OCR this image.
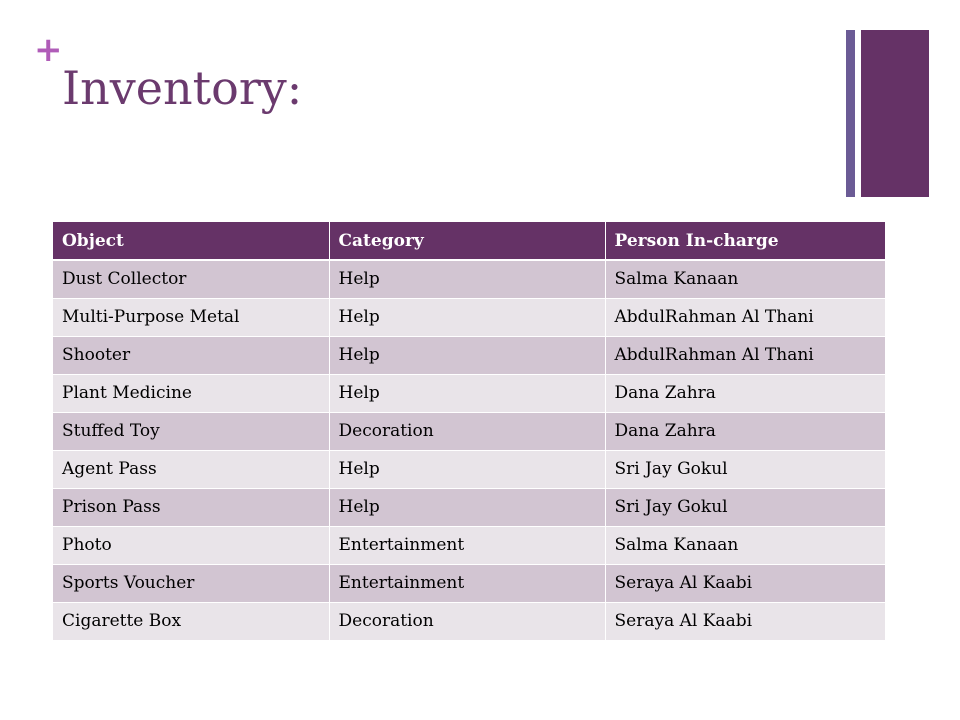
+
Inventory:
Object	Category	Person In-charge
Dust Collector	Help	Salma Kanaan
Multi-Purpose Metal	Help	AbdulRahman Al Thani
Shooter	Help	AbdulRahman Al Thani
Plant Medicine	Help	Dana Zahra
Stuffed Toy	Decoration	Dana Zahra
Agent Pass	Help	Sri Jay Gokul
Prison Pass	Help	Sri Jay Gokul
Photo	Entertainment	Salma Kanaan
Sports Voucher	Entertainment	Seraya Al Kaabi
Cigarette Box	Decoration	Seraya Al Kaabi
